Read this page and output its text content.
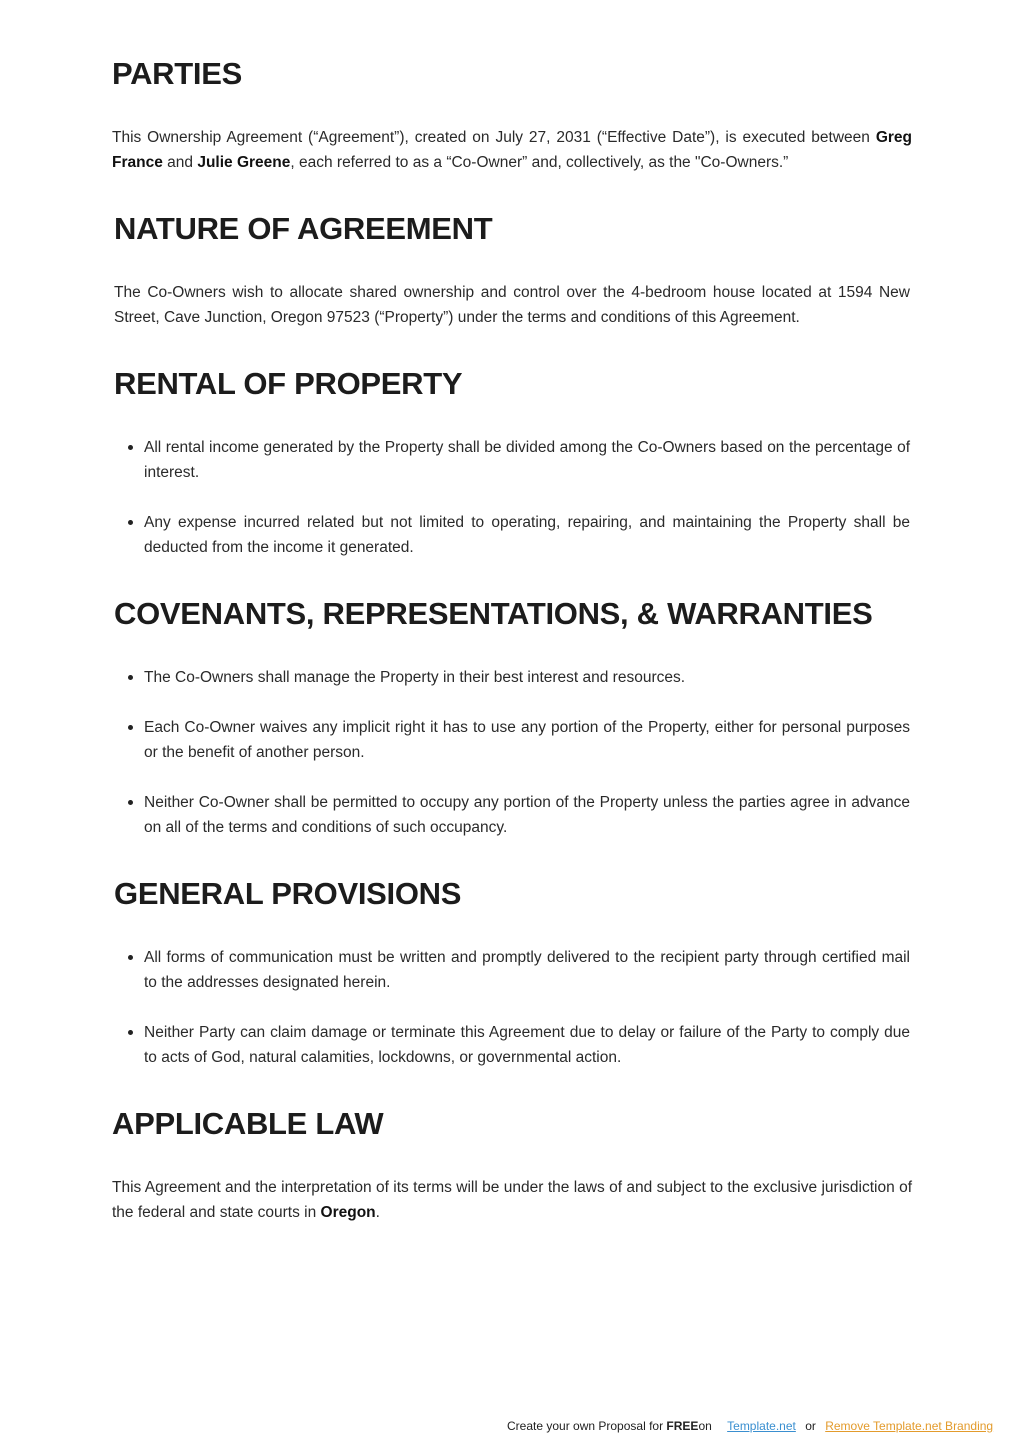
PARTIES

This Ownership Agreement (“Agreement”), created on July 27, 2031 (“Effective Date”), is executed between Greg France and Julie Greene, each referred to as a “Co-Owner” and, collectively, as the "Co-Owners.”

NATURE OF AGREEMENT

The Co-Owners wish to allocate shared ownership and control over the 4-bedroom house located at 1594 New Street, Cave Junction, Oregon 97523 (“Property”) under the terms and conditions of this Agreement.

RENTAL OF PROPERTY
All rental income generated by the Property shall be divided among the Co-Owners based on the percentage of interest.
Any expense incurred related but not limited to operating, repairing, and maintaining the Property shall be deducted from the income it generated.
COVENANTS, REPRESENTATIONS, & WARRANTIES
The Co-Owners shall manage the Property in their best interest and resources.
Each Co-Owner waives any implicit right it has to use any portion of the Property, either for personal purposes or the benefit of another person.
Neither Co-Owner shall be permitted to occupy any portion of the Property unless the parties agree in advance on all of the terms and conditions of such occupancy.
GENERAL PROVISIONS
All forms of communication must be written and promptly delivered to the recipient party through certified mail to the addresses designated herein.
Neither Party can claim damage or terminate this Agreement due to delay or failure of the Party to comply due to acts of God, natural calamities, lockdowns, or governmental action.
APPLICABLE LAW

This Agreement and the interpretation of its terms will be under the laws of and subject to the exclusive jurisdiction of the federal and state courts in Oregon.

Create your own Proposal for FREEon Template.net or Remove Template.net Branding
